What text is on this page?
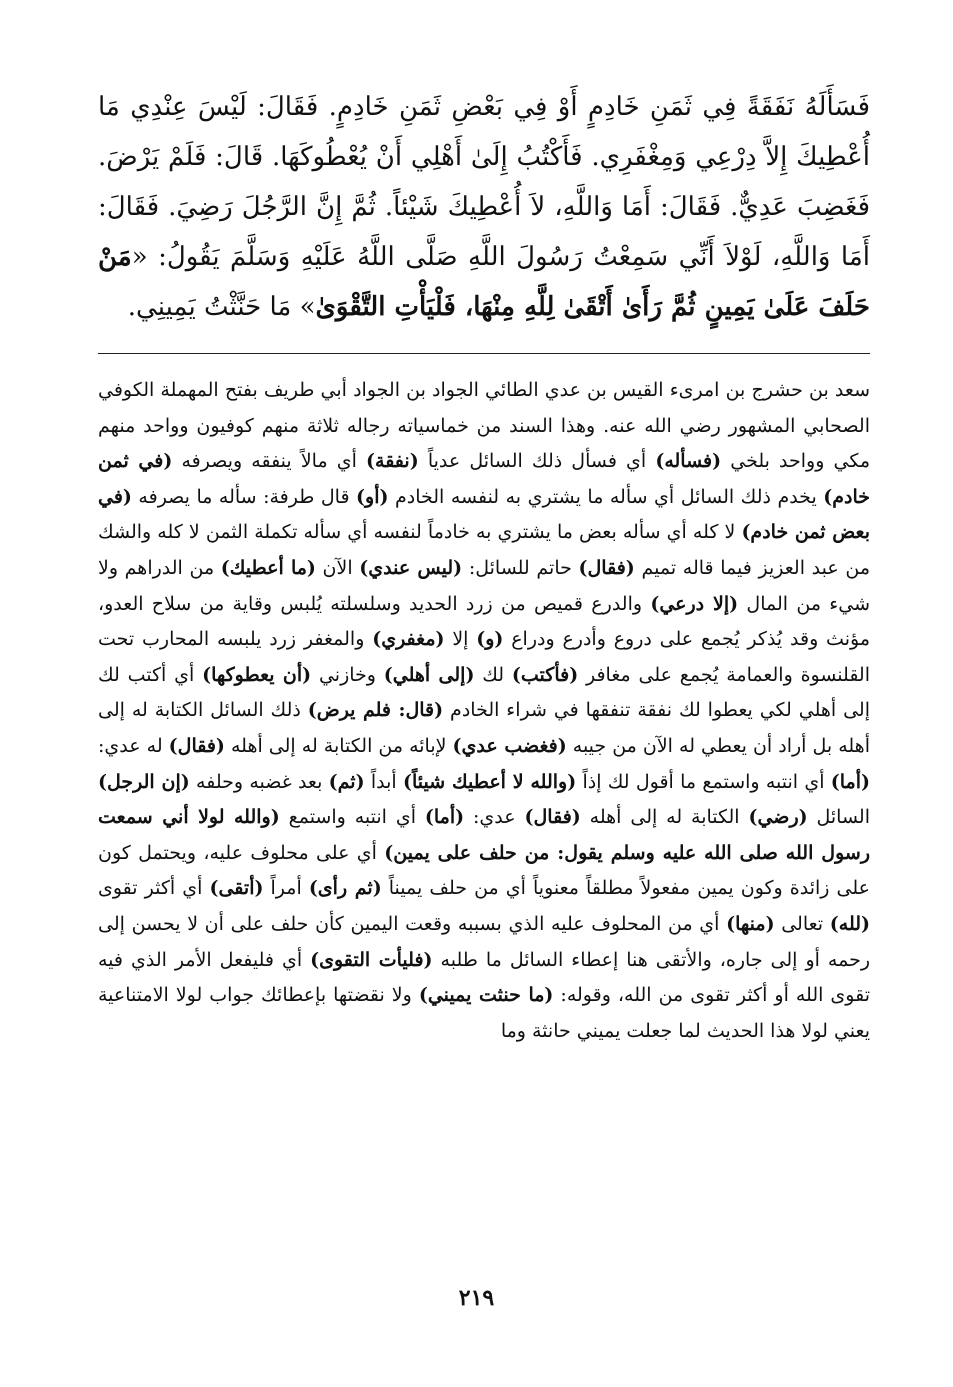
فَسَأَلَهُ نَفَقَةً فِي ثَمَنِ خَادِمٍ أَوْ فِي بَعْضِ ثَمَنِ خَادِمٍ. فَقَالَ: لَيْسَ عِنْدِي مَا أُعْطِيكَ إِلاَّ دِرْعِي وَمِغْفَرِي. فَأَكْتُبُ إِلَىٰ أَهْلِي أَنْ يُعْطُوكَهَا. قَالَ: فَلَمْ يَرْضَ. فَغَضِبَ عَدِيٌّ. فَقَالَ: أَمَا وَاللَّهِ، لاَ أُعْطِيكَ شَيْئاً. ثُمَّ إِنَّ الرَّجُلَ رَضِيَ. فَقَالَ: أَمَا وَاللَّهِ، لَوْلاَ أَنِّي سَمِعْتُ رَسُولَ اللَّهِ صَلَّى اللَّهُ عَلَيْهِ وَسَلَّمَ يَقُولُ: «مَنْ حَلَفَ عَلَىٰ يَمِينٍ ثُمَّ رَأَىٰ أَتْقَىٰ لِلَّهِ مِنْهَا، فَلْيَأْتِ التَّقْوَىٰ» مَا حَنَّثْتُ يَمِينِي.
سعد بن حشرج بن امرىء القيس بن عدي الطائي الجواد بن الجواد أبي طريف بفتح المهملة الكوفي الصحابي المشهور رضي الله عنه. وهذا السند من خماسياته رجاله ثلاثة منهم كوفيون وواحد منهم مكي وواحد بلخي (فسأله) أي فسأل ذلك السائل عدياً (نفقة) أي مالاً ينفقه ويصرفه (في ثمن خادم) يخدم ذلك السائل أي سأله ما يشتري به لنفسه الخادم (أو) قال طرفة: سأله ما يصرفه (في بعض ثمن خادم) لا كله أي سأله بعض ما يشتري به خادماً لنفسه أي سأله تكملة الثمن لا كله والشك من عبد العزيز فيما قاله تميم (فقال) حاتم للسائل: (ليس عندي) الآن (ما أعطيك) من الدراهم ولا شيء من المال (إلا درعي) والدرع قميص من زرد الحديد وسلسلته يُلبس وقاية من سلاح العدو، مؤنث وقد يُذكر يُجمع على دروع وأدرع ودراع (و) إلا (مغفري) والمغفر زرد يلبسه المحارب تحت القلنسوة والعمامة يُجمع على مغافر (فأكتب) لك (إلى أهلي) وخازني (أن يعطوكها) أي أكتب لك إلى أهلي لكي يعطوا لك نفقة تنفقها في شراء الخادم (قال: فلم يرض) ذلك السائل الكتابة له إلى أهله بل أراد أن يعطي له الآن من جيبه (فغضب عدي) لإبائه من الكتابة له إلى أهله (فقال) له عدي: (أما) أي انتبه واستمع ما أقول لك إذاً (والله لا أعطيك شيئاً) أبداً (ثم) بعد غضبه وحلفه (إن الرجل) السائل (رضي) الكتابة له إلى أهله (فقال) عدي: (أما) أي انتبه واستمع (والله لولا أني سمعت رسول الله صلى الله عليه وسلم يقول: من حلف على يمين) أي على محلوف عليه، ويحتمل كون على زائدة وكون يمين مفعولاً مطلقاً معنوياً أي من حلف يميناً (ثم رأى) أمراً (أتقى) أي أكثر تقوى (لله) تعالى (منها) أي من المحلوف عليه الذي بسببه وقعت اليمين كأن حلف على أن لا يحسن إلى رحمه أو إلى جاره، والأتقى هنا إعطاء السائل ما طلبه (فليأت التقوى) أي فليفعل الأمر الذي فيه تقوى الله أو أكثر تقوى من الله، وقوله: (ما حنثت يميني) ولا نقضتها بإعطائك جواب لولا الامتناعية يعني لولا هذا الحديث لما جعلت يميني حانثة وما
٢١٩
